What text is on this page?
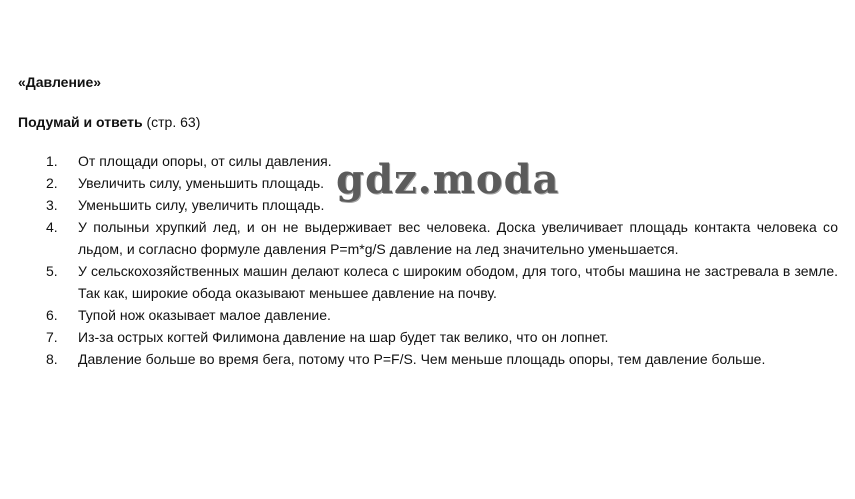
«Давление»

Подумай и ответь (стр. 63)

1.	От площади опоры, от силы давления.
2.	Увеличить силу, уменьшить площадь.
3.	Уменьшить силу, увеличить площадь.
4.	У полыньи хрупкий лед, и он не выдерживает вес человека. Доска увеличивает площадь контакта человека со льдом, и согласно формуле давления P=m*g/S давление на лед значительно уменьшается.
5.	У сельскохозяйственных машин делают колеса с широким ободом, для того, чтобы машина не застревала в земле. Так как, широкие обода оказывают меньшее давление на почву.
6.	Тупой нож оказывает малое давление.
7.	Из-за острых когтей Филимона давление на шар будет так велико, что он лопнет.
8.	Давление больше во время бега, потому что P=F/S. Чем меньше площадь опоры, тем давление больше.
gdz.moda
